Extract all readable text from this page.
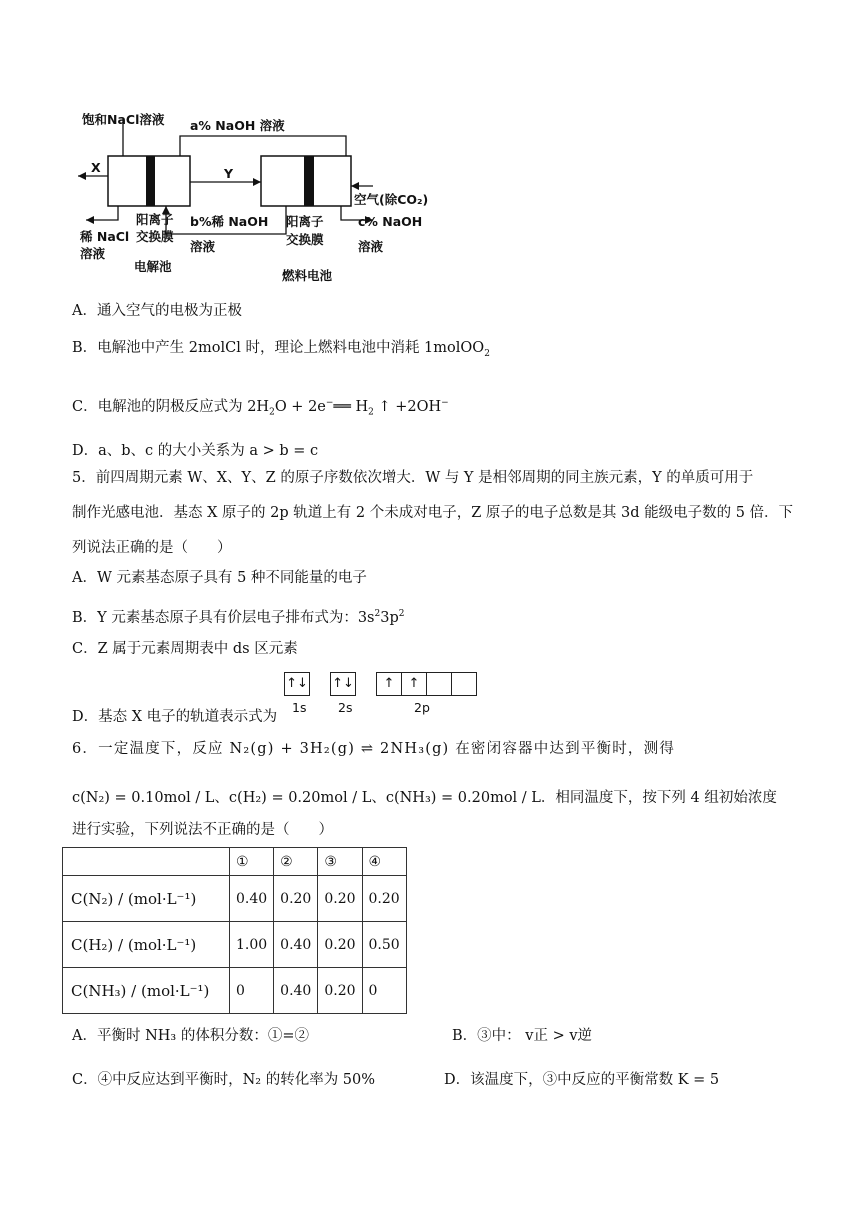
饱和NaCl溶液 a% NaOH 溶液
X	Y
空气(除CO₂)
稀 NaCl
溶液
阳离子
交换膜
b%稀 NaOH
溶液
阳离子
交换膜
c% NaOH
溶液
电解池
燃料电池
A．通入空气的电极为正极
B．电解池中产生 2molCl 时，理论上燃料电池中消耗 1molOO$_2$
C．电解池的阴极反应式为 $2H_2O$ + 2e−══ $H_2$ ↑ +2OH−
D．a、b、c 的大小关系为 a > b = c
5．前四周期元素 W、X、Y、Z 的原子序数依次增大．W 与 Y 是相邻周期的同主族元素，Y 的单质可用于
制作光感电池．基态 X 原子的 2p 轨道上有 2 个未成对电子，Z 原子的电子总数是其 3d 能级电子数的 5 倍．下
列说法正确的是（　　）
A．W 元素基态原子具有 5 种不同能量的电子
B．Y 元素基态原子具有价层电子排布式为：$3s^23p^2$
C．Z 属于元素周期表中 ds 区元素
D．基态 X 电子的轨道表示式为
↑↓ ↑↓	↑ ↑
1s	2s	2p
6．一定温度下，反应 N₂(g) + 3H₂(g) ⇌ 2NH₃(g) 在密闭容器中达到平衡时，测得
c(N₂) = 0.10mol / L、c(H₂) = 0.20mol / L、c(NH₃) = 0.20mol / L．相同温度下，按下列 4 组初始浓度
进行实验，下列说法不正确的是（　　）
	①	②	③	④
C(N₂) / (mol·L⁻¹)	0.40	0.20	0.20	0.20
C(H₂) / (mol·L⁻¹)	1.00	0.40	0.20	0.50
C(NH₃) / (mol·L⁻¹)	0	0.40	0.20	0
A．平衡时 NH₃ 的体积分数：①=②	B．③中： v正 > v逆
C．④中反应达到平衡时，N₂ 的转化率为 50%	D．该温度下，③中反应的平衡常数 K = 5
